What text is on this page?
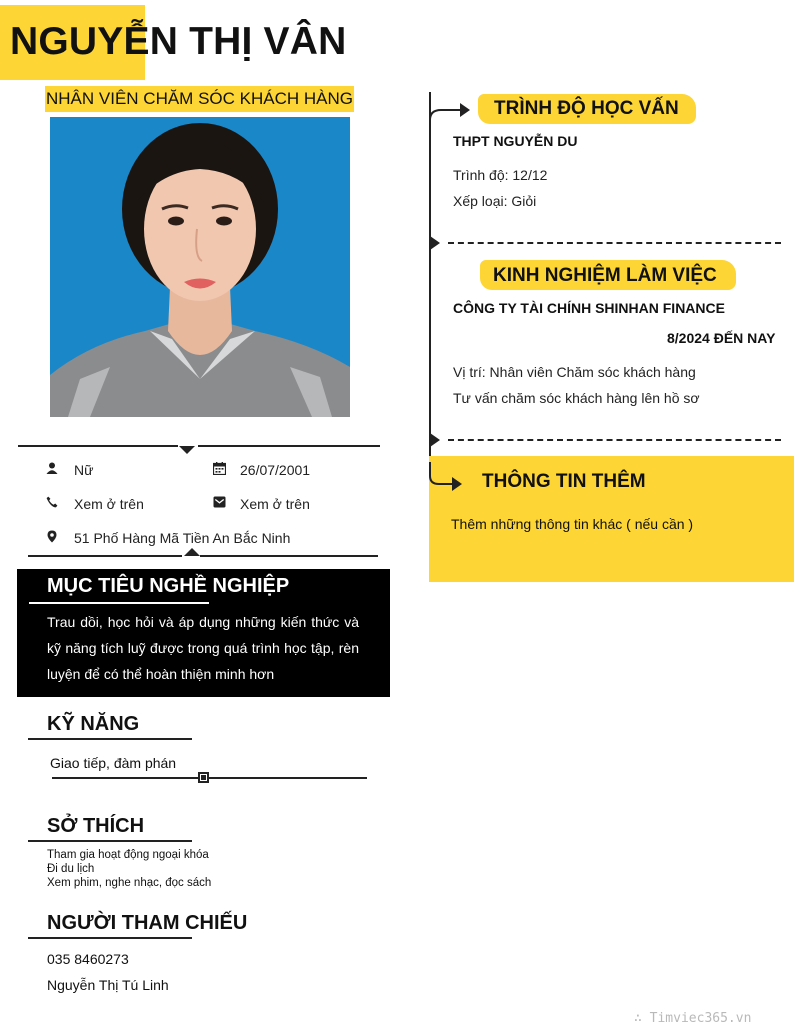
NGUYỄN THỊ VÂN
NHÂN VIÊN CHĂM SÓC KHÁCH HÀNG
Nữ	26/07/2001
Xem ở trên	Xem ở trên
51 Phố Hàng Mã Tiền An Bắc Ninh
MỤC TIÊU NGHỀ NGHIỆP

Trau dồi, học hỏi và áp dụng những kiến thức và kỹ năng tích luỹ được trong quá trình học tập, rèn luyện để có thể hoàn thiện minh hơn

KỸ NĂNG
Giao tiếp, đàm phán
SỞ THÍCH
Tham gia hoạt động ngoại khóa
Đi du lịch
Xem phim, nghe nhạc, đọc sách
NGƯỜI THAM CHIẾU
035 8460273
Nguyễn Thị Tú Linh
TRÌNH ĐỘ HỌC VẤN
THPT NGUYỄN DU
Trình độ: 12/12
Xếp loại: Giỏi
KINH NGHIỆM LÀM VIỆC
CÔNG TY TÀI CHÍNH SHINHAN FINANCE
8/2024 ĐẾN NAY
Vị trí: Nhân viên Chăm sóc khách hàng
Tư vấn chăm sóc khách hàng lên hồ sơ
THÔNG TIN THÊM
Thêm những thông tin khác ( nếu cần )
∴ Timviec365.vn
